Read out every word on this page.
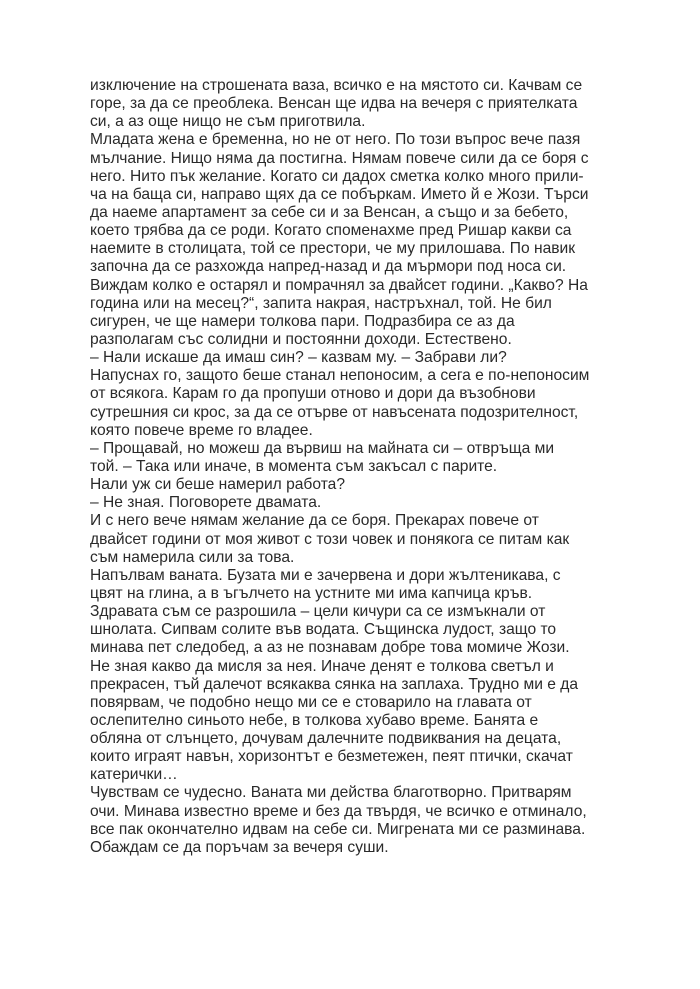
изключение на строшената ваза, всичко е на мястото си. Качвам се
горе, за да се преоблека. Венсан ще идва на вечеря с приятелката
си, а аз още нищо не съм приготвила.
Младата жена е бременна, но не от него. По този въпрос вече пазя
мълчание. Нищо няма да постигна. Нямам повече сили да се боря с
него. Нито пък желание. Когато си дадох сметка колко много прили-
ча на баща си, направо щях да се побъркам. Името й е Жози. Търси
да наеме апартамент за себе си и за Венсан, а също и за бебето,
което трябва да се роди. Когато споменахме пред Ришар какви са
наемите в столицата, той се престори, че му прилошава. По навик
започна да се разхожда напред-назад и да мърмори под носа си.
Виждам колко е остарял и помрачнял за двайсет години. „Какво? На
година или на месец?“, запита накрая, настръхнал, той. Не бил
сигурен, че ще намери толкова пари. Подразбира се аз да
разполагам със солидни и постоянни доходи. Естествено.
– Нали искаше да имаш син? – казвам му. – Забрави ли?
Напуснах го, защото беше станал непоносим, а сега е по-непоносим
от всякога. Карам го да пропуши отново и дори да възобнови
сутрешния си крос, за да се отърве от навъсената подозрителност,
която повече време го владее.
– Прощавай, но можеш да вървиш на майната си – отвръща ми
той. – Така или иначе, в момента съм закъсал с парите.
Нали уж си беше намерил работа?
– Не зная. Поговорете двамата.
И с него вече нямам желание да се боря. Прекарах повече от
двайсет години от моя живот с този човек и понякога се питам как
съм намерила сили за това.
Напълвам ваната. Бузата ми е зачервена и дори жълтеникава, с
цвят на глина, а в ъгълчето на устните ми има капчица кръв.
Здравата съм се разрошила – цели кичури са се измъкнали от
шнолата. Сипвам солите във водата. Същинска лудост, защо то
минава пет следобед, а аз не познавам добре това момиче Жози.
Не зная какво да мисля за нея. Иначе денят е толкова светъл и
прекрасен, тъй далечот всякаква сянка на заплаха. Трудно ми е да
повярвам, че подобно нещо ми се е стоварило на главата от
ослепително синьото небе, в толкова хубаво време. Банята е
обляна от слънцето, дочувам далечните подвиквания на децата,
които играят навън, хоризонтът е безметежен, пеят птички, скачат
катерички…
Чувствам се чудесно. Ваната ми действа благотворно. Притварям
очи. Минава известно време и без да твърдя, че всичко е отминало,
все пак окончателно идвам на себе си. Мигрената ми се разминава.
Обаждам се да поръчам за вечеря суши.
